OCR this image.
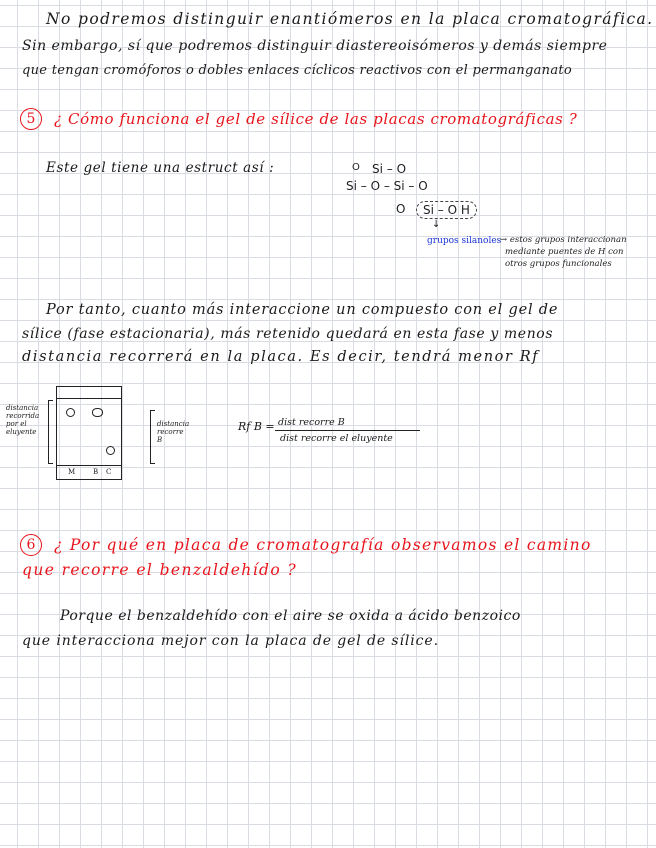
No podremos distinguir enantiómeros en la placa cromatográfica.
Sin embargo, sí que podremos distinguir diastereoisómeros y demás siempre
que tengan cromóforos o dobles enlaces cíclicos reactivos con el permanganato
5	¿ Cómo funciona el gel de sílice de las placas cromatográficas ?
Este gel tiene una estruct así :	O Si – O
Si – O – Si – O
O	Si – O H
↓
grupos silanoles
→ estos grupos interaccionan
mediante puentes de H con
otros grupos funcionales
Por tanto, cuanto más interaccione un compuesto con el gel de
sílice (fase estacionaria), más retenido quedará en esta fase y menos
distancia recorrerá en la placa. Es decir, tendrá menor Rf
distancia recorrida por el eluyente
M	B C
distancia recorre B
Rf B = dist recorre B
dist recorre el eluyente
6	¿ Por qué en placa de cromatografía observamos el camino
que recorre el benzaldehído ?
Porque el benzaldehído con el aire se oxida a ácido benzoico
que interacciona mejor con la placa de gel de sílice.
